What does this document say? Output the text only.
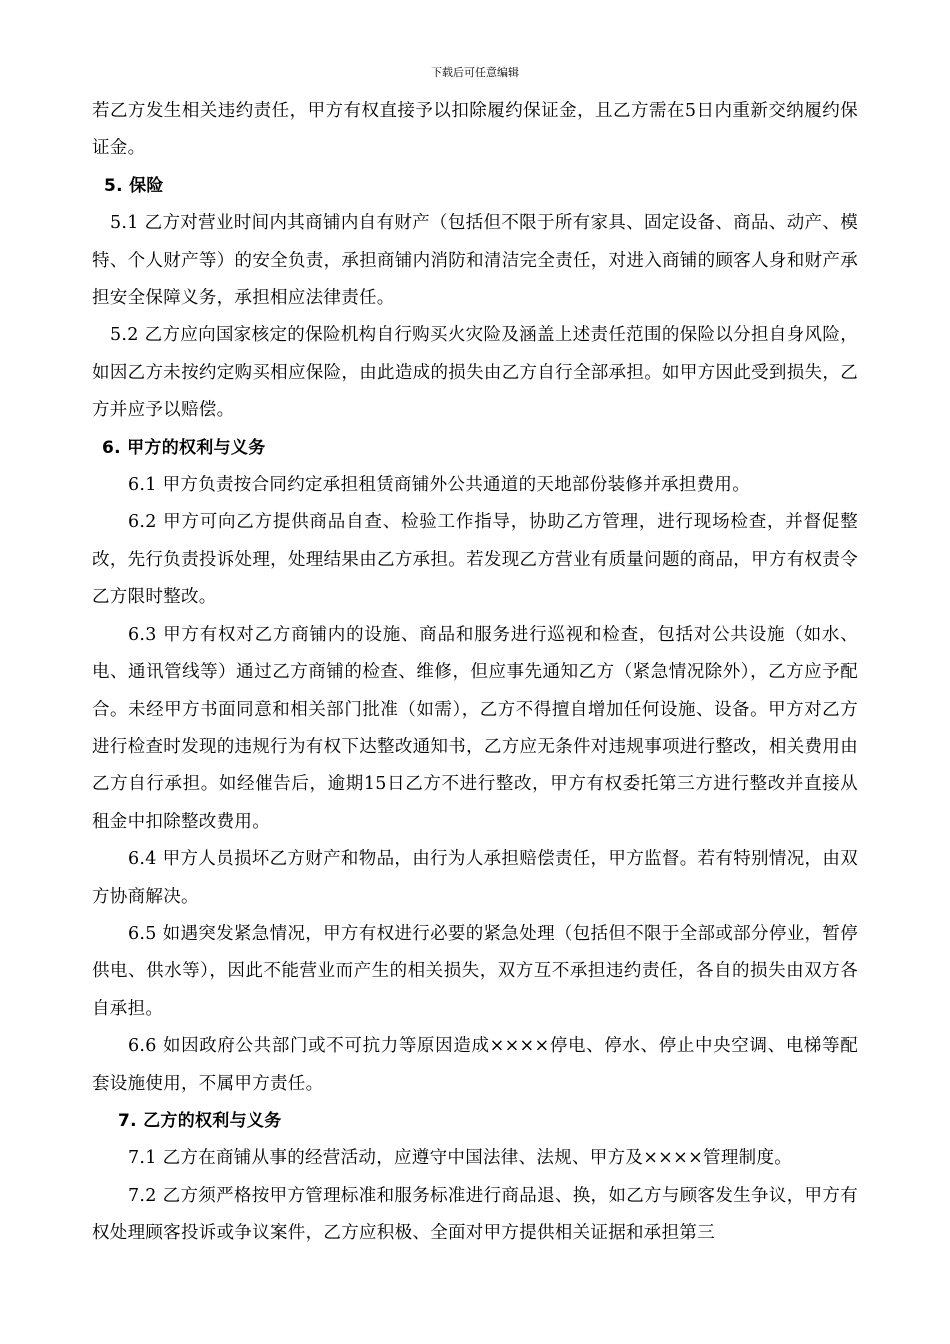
下载后可任意编辑

若乙方发生相关违约责任，甲方有权直接予以扣除履约保证金，且乙方需在5日内重新交纳履约保证金。

5. 保险

5.1 乙方对营业时间内其商铺内自有财产（包括但不限于所有家具、固定设备、商品、动产、模特、个人财产等）的安全负责，承担商铺内消防和清洁完全责任，对进入商铺的顾客人身和财产承担安全保障义务，承担相应法律责任。

5.2 乙方应向国家核定的保险机构自行购买火灾险及涵盖上述责任范围的保险以分担自身风险，如因乙方未按约定购买相应保险，由此造成的损失由乙方自行全部承担。如甲方因此受到损失，乙方并应予以赔偿。

6. 甲方的权利与义务

6.1 甲方负责按合同约定承担租赁商铺外公共通道的天地部份装修并承担费用。

6.2 甲方可向乙方提供商品自查、检验工作指导，协助乙方管理，进行现场检查，并督促整改，先行负责投诉处理，处理结果由乙方承担。若发现乙方营业有质量问题的商品，甲方有权责令乙方限时整改。

6.3 甲方有权对乙方商铺内的设施、商品和服务进行巡视和检查，包括对公共设施（如水、电、通讯管线等）通过乙方商铺的检查、维修，但应事先通知乙方（紧急情况除外），乙方应予配合。未经甲方书面同意和相关部门批准（如需），乙方不得擅自增加任何设施、设备。甲方对乙方进行检查时发现的违规行为有权下达整改通知书，乙方应无条件对违规事项进行整改，相关费用由乙方自行承担。如经催告后，逾期15日乙方不进行整改，甲方有权委托第三方进行整改并直接从租金中扣除整改费用。

6.4 甲方人员损坏乙方财产和物品，由行为人承担赔偿责任，甲方监督。若有特别情况，由双方协商解决。

6.5 如遇突发紧急情况，甲方有权进行必要的紧急处理（包括但不限于全部或部分停业，暂停供电、供水等），因此不能营业而产生的相关损失，双方互不承担违约责任，各自的损失由双方各自承担。

6.6 如因政府公共部门或不可抗力等原因造成××××停电、停水、停止中央空调、电梯等配套设施使用，不属甲方责任。

7. 乙方的权利与义务

7.1 乙方在商铺从事的经营活动，应遵守中国法律、法规、甲方及××××管理制度。

7.2 乙方须严格按甲方管理标准和服务标准进行商品退、换，如乙方与顾客发生争议，甲方有权处理顾客投诉或争议案件，乙方应积极、全面对甲方提供相关证据和承担第三
